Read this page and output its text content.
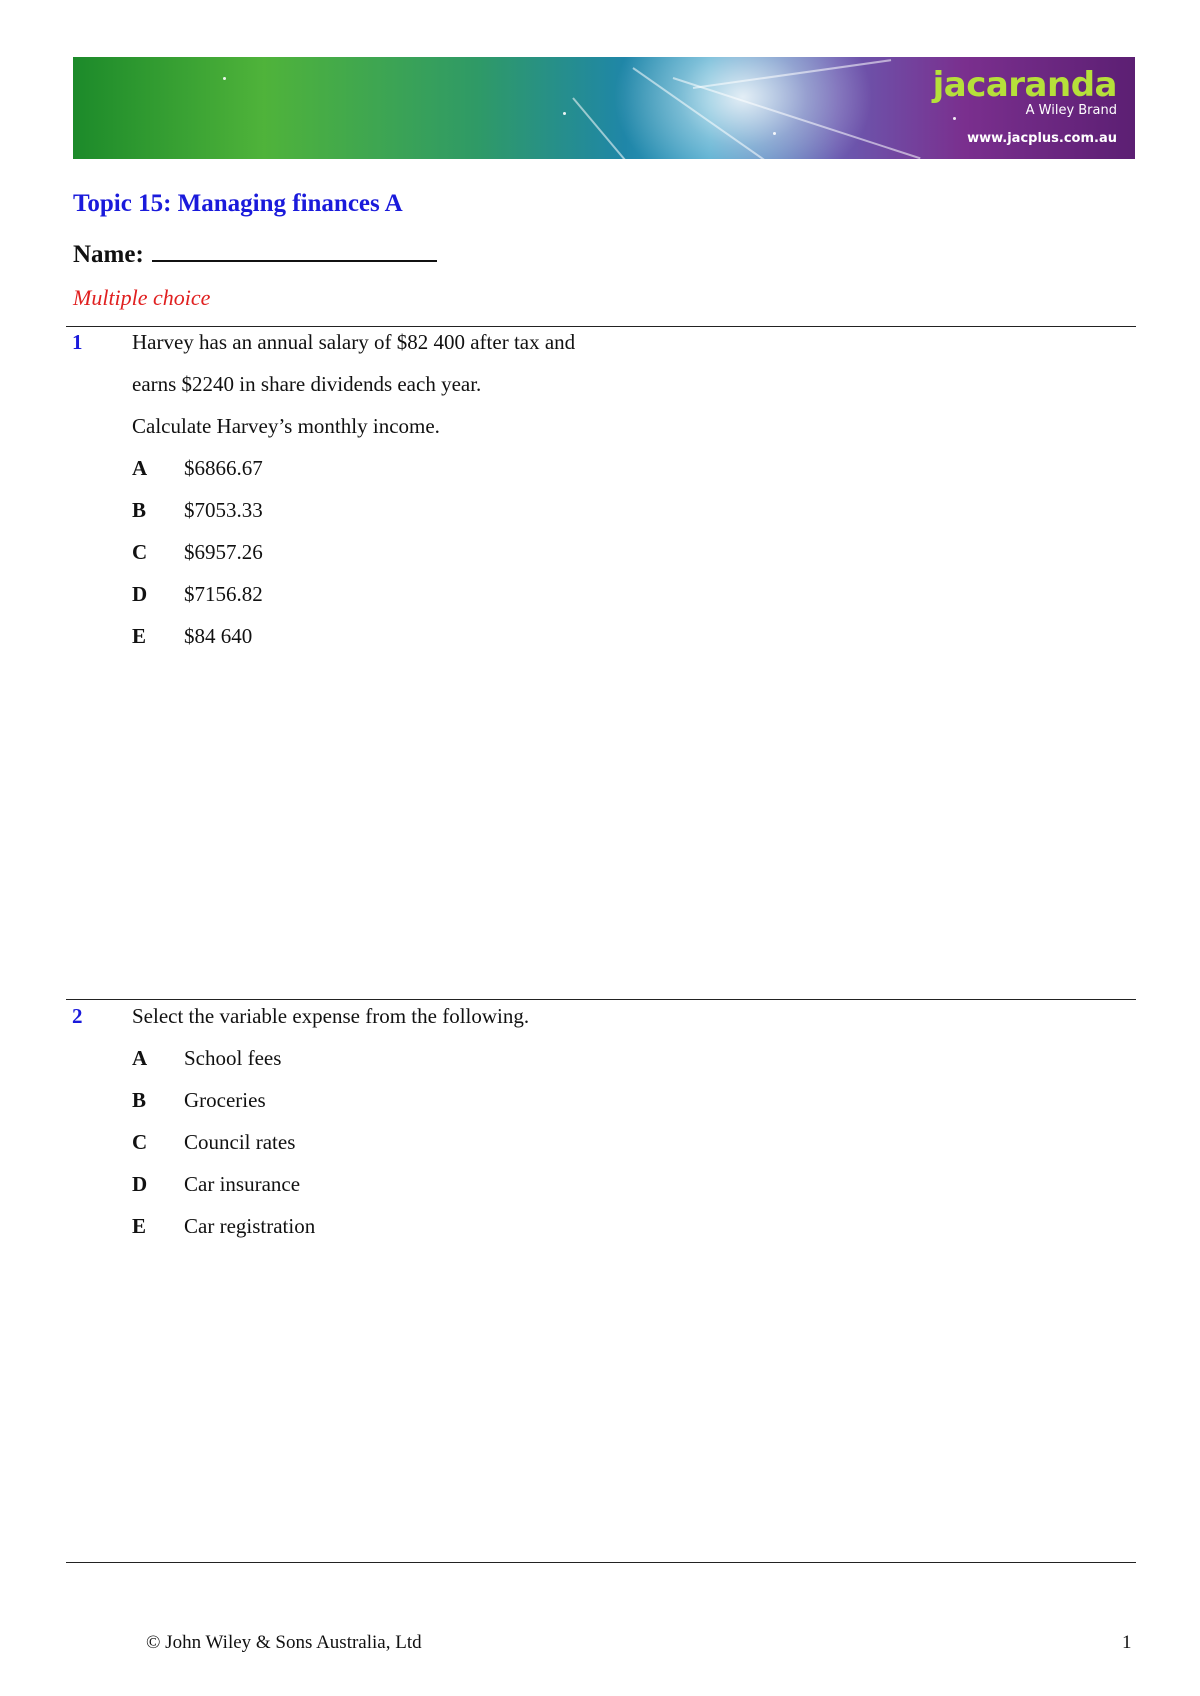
jacaranda
A Wiley Brand
www.jacplus.com.au
Topic 15: Managing finances A
Name:
Multiple choice
1 Harvey has an annual salary of $82 400 after tax and
earns $2240 in share dividends each year.
Calculate Harvey’s monthly income.
A $6866.67
B $7053.33
C $6957.26
D $7156.82
E $84 640
2 Select the variable expense from the following.
A School fees
B Groceries
C Council rates
D Car insurance
E Car registration
© John Wiley & Sons Australia, Ltd	1
